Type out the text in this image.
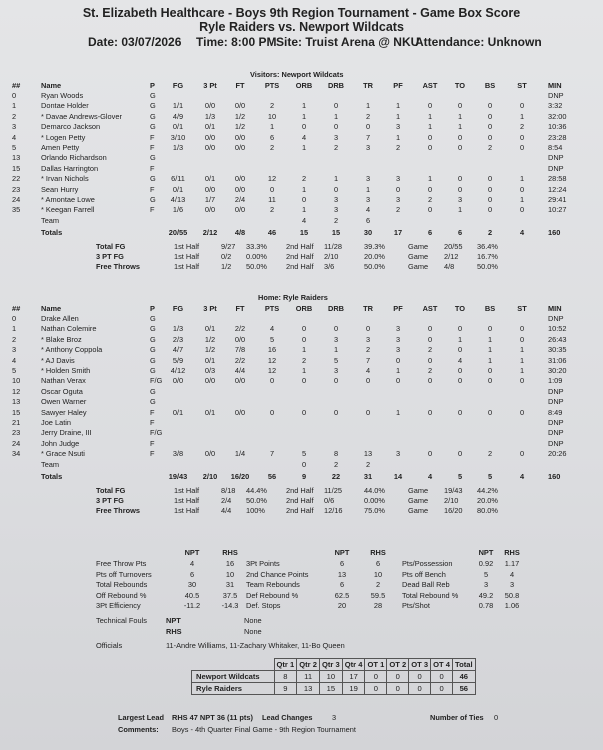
St. Elizabeth Healthcare - Boys 9th Region Tournament - Game Box Score
Ryle Raiders vs. Newport Wildcats
Date: 03/07/2026 Time: 8:00 PM Site: Truist Arena @ NKU
Attendance: Unknown
Visitors: Newport Wildcats
Home: Ryle Raiders
Technical Fouls	NPT	None
RHS	None
Officials	11-Andre Williams, 11-Zachary Whitaker, 11-Bo Queen
	Qtr 1	Qtr 2	Qtr 3	Qtr 4	OT 1	OT 2	OT 3	OT 4	Total
Newport Wildcats	8	11	10	17	0	0	0	0	46
Ryle Raiders	9	13	15	19	0	0	0	0	56
Largest Lead RHS 47 NPT 36 (11 pts) Lead Changes	3	Number of Ties 0
Comments: Boys - 4th Quarter Final Game - 9th Region Tournament
##	Name	P	FG	3 Pt	FT	PTS	ORB	DRB	TR	PF	AST	TO	BS	ST	MIN
0	Ryan Woods	G	DNP
1	Dontae Holder	G	1/1	0/0	0/0	2	1	0	1	1	0	0	0	0	3:32
2	* Davae Andrews-Glover	G	4/9	1/3	1/2	10	1	1	2	1	1	1	0	1	32:00
3	Demarco Jackson	G	0/1	0/1	1/2	1	0	0	0	3	1	1	0	2	10:36
4	* Logen Petty	F	3/10	0/0	0/0	6	4	3	7	1	0	0	0	0	23:28
5	Amen Petty	F	1/3	0/0	0/0	2	1	2	3	2	0	0	2	0	8:54
13	Orlando Richardson	G	DNP
15	Dallas Harrington	F	DNP
22	* Irvan Nichols	G	6/11	0/1	0/0	12	2	1	3	3	1	0	0	1	28:58
23	Sean Hurry	F	0/1	0/0	0/0	0	1	0	1	0	0	0	0	0	12:24
24	* Amontae Lowe	G	4/13	1/7	2/4	11	0	3	3	3	2	3	0	1	29:41
35	* Keegan Farrell	F	1/6	0/0	0/0	2	1	3	4	2	0	1	0	0	10:27
Team	4	2	6
Totals	20/55	2/12	4/8	46	15	15	30	17	6	6	2	4	160
Total FG	1st Half	9/27 33.3%	2nd Half 11/28	39.3%	Game 20/55 36.4%
3 PT FG	1st Half	0/2 0.00%	2nd Half 2/10	20.0%	Game 2/12	16.7%
Free Throws	1st Half	1/2 50.0%	2nd Half 3/6	50.0%	Game 4/8	50.0%
##	Name	P	FG	3 Pt	FT	PTS	ORB	DRB	TR	PF	AST	TO	BS	ST	MIN
0	Drake Allen	G	DNP
1	Nathan Colemire	G	1/3	0/1	2/2	4	0	0	0	3	0	0	0	0	10:52
2	* Blake Broz	G	2/3	1/2	0/0	5	0	3	3	3	0	1	1	0	26:43
3	* Anthony Coppola	G	4/7	1/2	7/8	16	1	1	2	3	2	0	1	1	30:35
4	* AJ Davis	G	5/9	0/1	2/2	12	2	5	7	0	0	4	1	1	31:06
5	* Holden Smith	G	4/12	0/3	4/4	12	1	3	4	1	2	0	0	1	30:20
10	Nathan Verax	F/G	0/0	0/0	0/0	0	0	0	0	0	0	0	0	0	1:09
12	Oscar Oguta	G	DNP
13	Owen Warner	G	DNP
15	Sawyer Haley	F	0/1	0/1	0/0	0	0	0	0	1	0	0	0	0	8:49
21	Joe Latin	F	DNP
23	Jerry Draine, III	F/G	DNP
24	John Judge	F	DNP
34	* Grace Nsuti	F	3/8	0/0	1/4	7	5	8	13	3	0	0	2	0	20:26
Team	0	2	2
Totals	19/43	2/10	16/20	56	9	22	31	14	4	5	5	4	160
Total FG	1st Half	8/18 44.4%	2nd Half 11/25	44.0%	Game 19/43 44.2%
3 PT FG	1st Half	2/4 50.0%	2nd Half 0/6	0.00%	Game 2/10	20.0%
Free Throws	1st Half	4/4 100%	2nd Half 12/16	75.0%	Game 16/20 80.0%
NPT	RHS
Free Throw Pts	4	16
Pts off Turnovers	6	10
Total Rebounds	30	31
Off Rebound %	40.5	37.5
3Pt Efficiency	-11.2	-14.3
NPT	RHS
3Pt Points	6	6
2nd Chance Points	13	10
Team Rebounds	6	2
Def Rebound %	62.5	59.5
Def. Stops	20	28
NPT	RHS
Pts/Possession	0.92	1.17
Pts off Bench	5	4
Dead Ball Reb	3	3
Total Rebound %	49.2	50.8
Pts/Shot	0.78	1.06
